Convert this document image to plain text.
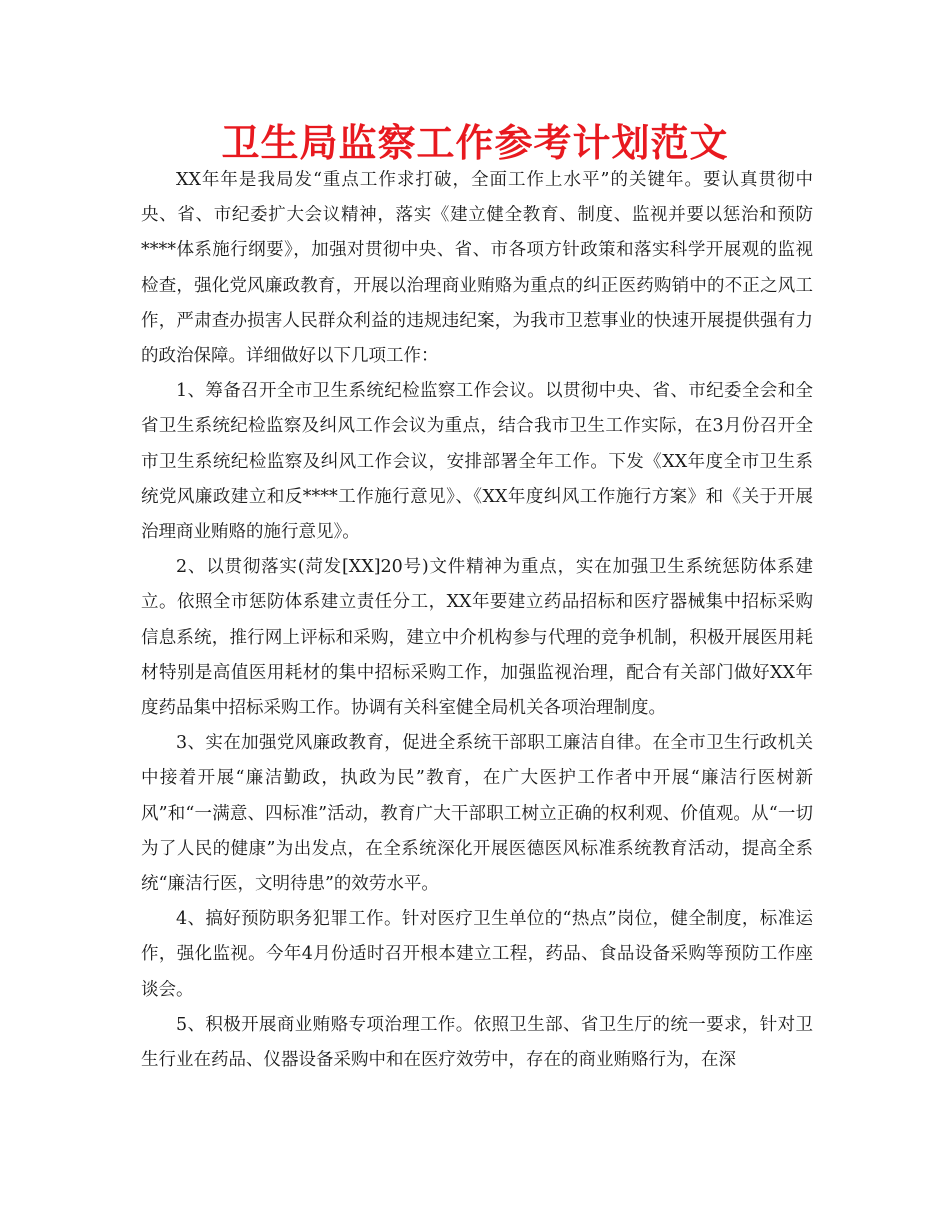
卫生局监察工作参考计划范文

XX年年是我局发“重点工作求打破，全面工作上水平”的关键年。要认真贯彻中央、省、市纪委扩大会议精神，落实《建立健全教育、制度、监视并要以惩治和预防****体系施行纲要》，加强对贯彻中央、省、市各项方针政策和落实科学开展观的监视检查，强化党风廉政教育，开展以治理商业贿赂为重点的纠正医药购销中的不正之风工作，严肃查办损害人民群众利益的违规违纪案，为我市卫惹事业的快速开展提供强有力的政治保障。详细做好以下几项工作：

1、筹备召开全市卫生系统纪检监察工作会议。以贯彻中央、省、市纪委全会和全省卫生系统纪检监察及纠风工作会议为重点，结合我市卫生工作实际，在3月份召开全市卫生系统纪检监察及纠风工作会议，安排部署全年工作。下发《XX年度全市卫生系统党风廉政建立和反****工作施行意见》、《XX年度纠风工作施行方案》和《关于开展治理商业贿赂的施行意见》。

2、以贯彻落实(菏发[XX]20号)文件精神为重点，实在加强卫生系统惩防体系建立。依照全市惩防体系建立责任分工，XX年要建立药品招标和医疗器械集中招标采购信息系统，推行网上评标和采购，建立中介机构参与代理的竞争机制，积极开展医用耗材特别是高值医用耗材的集中招标采购工作，加强监视治理，配合有关部门做好XX年度药品集中招标采购工作。协调有关科室健全局机关各项治理制度。

3、实在加强党风廉政教育，促进全系统干部职工廉洁自律。在全市卫生行政机关中接着开展“廉洁勤政，执政为民”教育，在广大医护工作者中开展“廉洁行医树新风”和“一满意、四标准”活动，教育广大干部职工树立正确的权利观、价值观。从“一切为了人民的健康”为出发点，在全系统深化开展医德医风标准系统教育活动，提高全系统“廉洁行医，文明待患”的效劳水平。

4、搞好预防职务犯罪工作。针对医疗卫生单位的“热点”岗位，健全制度，标准运作，强化监视。今年4月份适时召开根本建立工程，药品、食品设备采购等预防工作座谈会。

5、积极开展商业贿赂专项治理工作。依照卫生部、省卫生厅的统一要求，针对卫生行业在药品、仪器设备采购中和在医疗效劳中，存在的商业贿赂行为，在深
